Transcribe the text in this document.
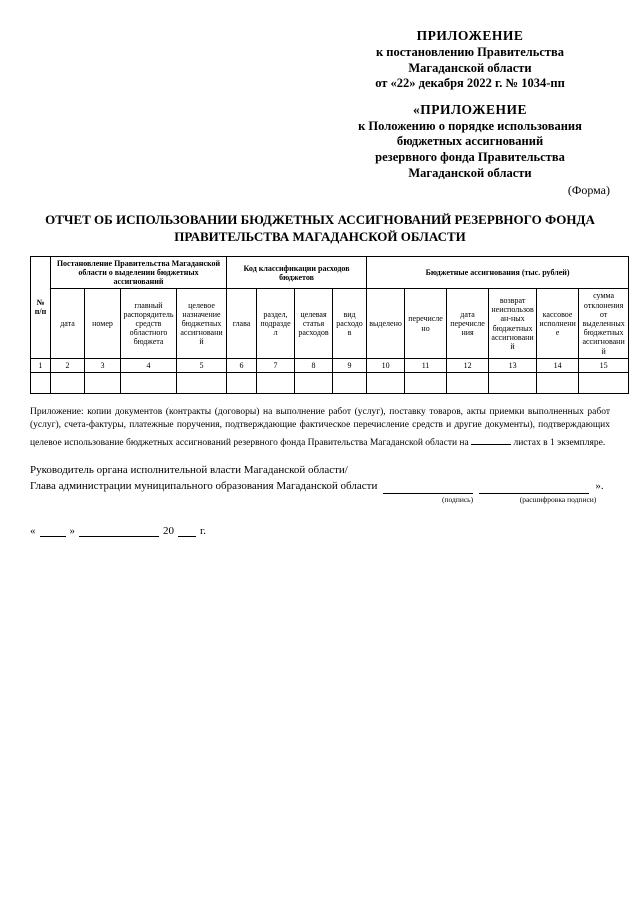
ПРИЛОЖЕНИЕ
к постановлению Правительства
Магаданской области
от «22» декабря 2022 г. № 1034-пп
«ПРИЛОЖЕНИЕ
к Положению о порядке использования
бюджетных ассигнований
резервного фонда Правительства
Магаданской области
(Форма)
ОТЧЕТ ОБ ИСПОЛЬЗОВАНИИ БЮДЖЕТНЫХ АССИГНОВАНИЙ РЕЗЕРВНОГО ФОНДА
ПРАВИТЕЛЬСТВА МАГАДАНСКОЙ ОБЛАСТИ
№ п/п	Постановление Правительства Магаданской области о выделении бюджетных ассигнований				Код классификации расходов бюджетов				Бюджетные ассигнования (тыс. рублей)					
	дата	номер	главный распорядитель средств областного бюджета	целевое назначение бюджетных ассигнований	глава	раздел, подраздел	целевая статья расходов	вид расходов	выделено	перечислено	дата перечисления	возврат неиспользован-ных бюджетных ассигнований	кассовое исполнение	сумма отклонения от выделенных бюджетных ассигнований
1	2	3	4	5	6	7	8	9	10	11	12	13	14	15

Приложение: копии документов (контракты (договоры) на выполнение работ (услуг), поставку товаров, акты приемки выполненных работ (услуг), счета-фактуры, платежные поручения, подтверждающие фактическое перечисление средств и другие документы), подтверждающих целевое использование бюджетных ассигнований резервного фонда Правительства Магаданской области на	листах в 1 экземпляре.
Руководитель органа исполнительной власти Магаданской области/
Глава администрации муниципального образования Магаданской области	».
(подпись)	(расшифровка подписи)
«	»	20 г.
